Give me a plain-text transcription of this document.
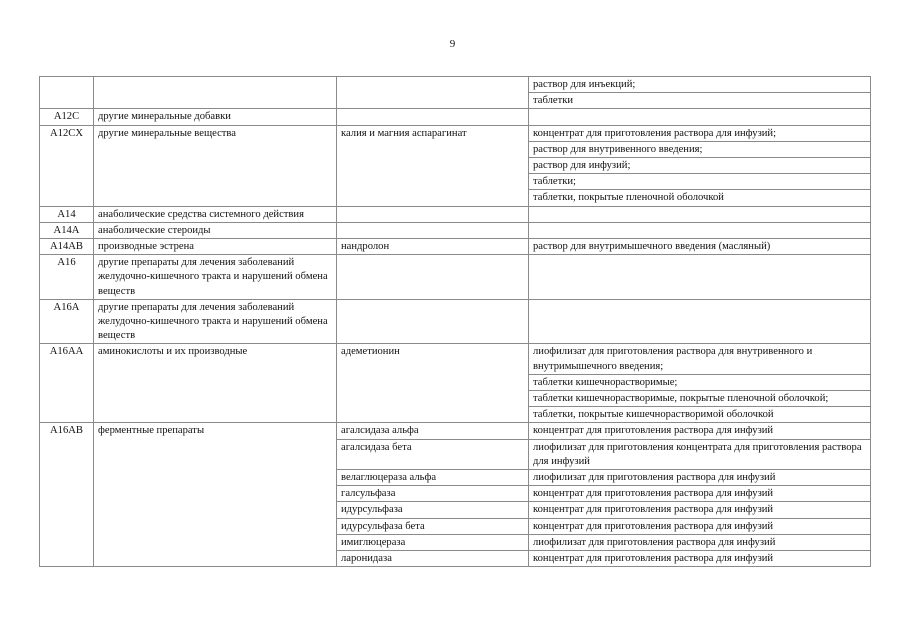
9
			раствор для инъекций;
			таблетки
A12C	другие минеральные добавки		
A12CX	другие минеральные вещества	калия и магния аспарагинат	концентрат для приготовления раствора для инфузий;
			раствор для внутривенного введения;
			раствор для инфузий;
			таблетки;
			таблетки, покрытые пленочной оболочкой
A14	анаболические средства системного действия		
A14A	анаболические стероиды		
A14AB	производные эстрена	нандролон	раствор для внутримышечного введения (масляный)
A16	другие препараты для лечения заболеваний желудочно-кишечного тракта и нарушений обмена веществ		
A16A	другие препараты для лечения заболеваний желудочно-кишечного тракта и нарушений обмена веществ		
A16AA	аминокислоты и их производные	адеметионин	лиофилизат для приготовления раствора для внутривенного и внутримышечного введения;
			таблетки кишечнорастворимые;
			таблетки кишечнорастворимые, покрытые пленочной оболочкой;
			таблетки, покрытые кишечнорастворимой оболочкой
A16AB	ферментные препараты	агалсидаза альфа	концентрат для приготовления раствора для инфузий
		агалсидаза бета	лиофилизат для приготовления концентрата для приготовления раствора для инфузий
		велаглюцераза альфа	лиофилизат для приготовления раствора для инфузий
		галсульфаза	концентрат для приготовления раствора для инфузий
		идурсульфаза	концентрат для приготовления раствора для инфузий
		идурсульфаза бета	концентрат для приготовления раствора для инфузий
		имиглюцераза	лиофилизат для приготовления раствора для инфузий
		ларонидаза	концентрат для приготовления раствора для инфузий
